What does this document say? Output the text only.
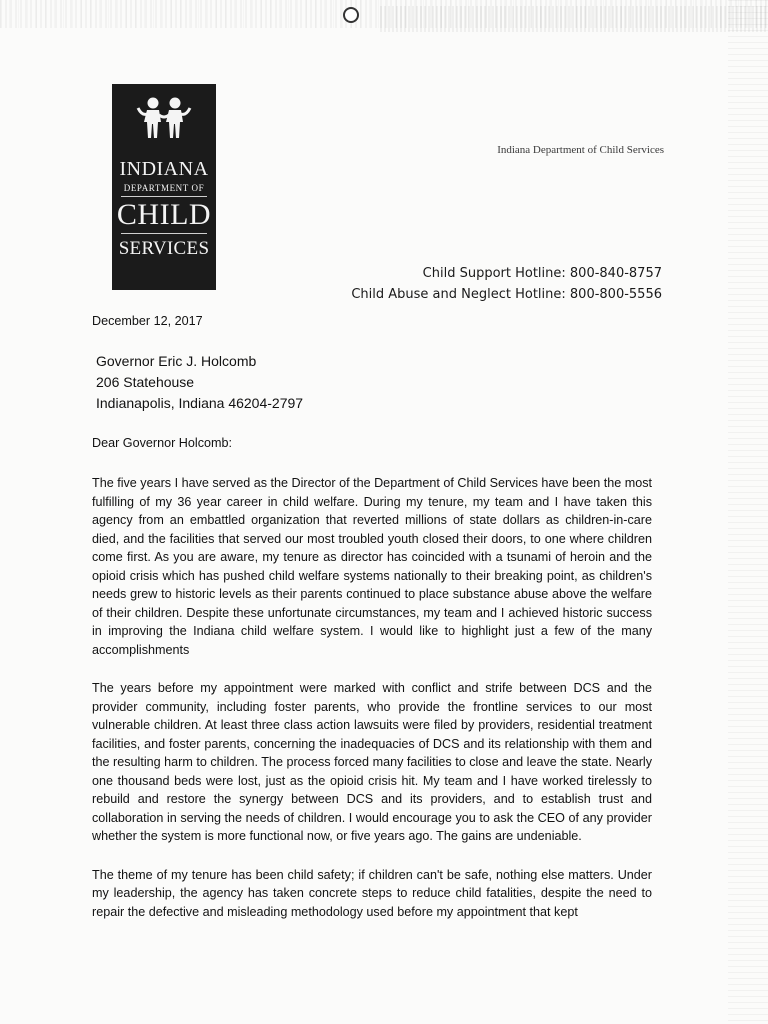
INDIANA
DEPARTMENT OF
CHILD
SERVICES
Indiana Department of Child Services
Child Support Hotline: 800-840-8757
Child Abuse and Neglect Hotline: 800-800-5556
December 12, 2017
Governor Eric J. Holcomb
206 Statehouse
Indianapolis, Indiana 46204-2797
Dear Governor Holcomb:

The five years I have served as the Director of the Department of Child Services have been the most fulfilling of my 36 year career in child welfare. During my tenure, my team and I have taken this agency from an embattled organization that reverted millions of state dollars as children-in-care died, and the facilities that served our most troubled youth closed their doors, to one where children come first. As you are aware, my tenure as director has coincided with a tsunami of heroin and the opioid crisis which has pushed child welfare systems nationally to their breaking point, as children's needs grew to historic levels as their parents continued to place substance abuse above the welfare of their children. Despite these unfortunate circumstances, my team and I achieved historic success in improving the Indiana child welfare system. I would like to highlight just a few of the many accomplishments

The years before my appointment were marked with conflict and strife between DCS and the provider community, including foster parents, who provide the frontline services to our most vulnerable children. At least three class action lawsuits were filed by providers, residential treatment facilities, and foster parents, concerning the inadequacies of DCS and its relationship with them and the resulting harm to children. The process forced many facilities to close and leave the state. Nearly one thousand beds were lost, just as the opioid crisis hit. My team and I have worked tirelessly to rebuild and restore the synergy between DCS and its providers, and to establish trust and collaboration in serving the needs of children. I would encourage you to ask the CEO of any provider whether the system is more functional now, or five years ago. The gains are undeniable.

The theme of my tenure has been child safety; if children can't be safe, nothing else matters. Under my leadership, the agency has taken concrete steps to reduce child fatalities, despite the need to repair the defective and misleading methodology used before my appointment that kept
